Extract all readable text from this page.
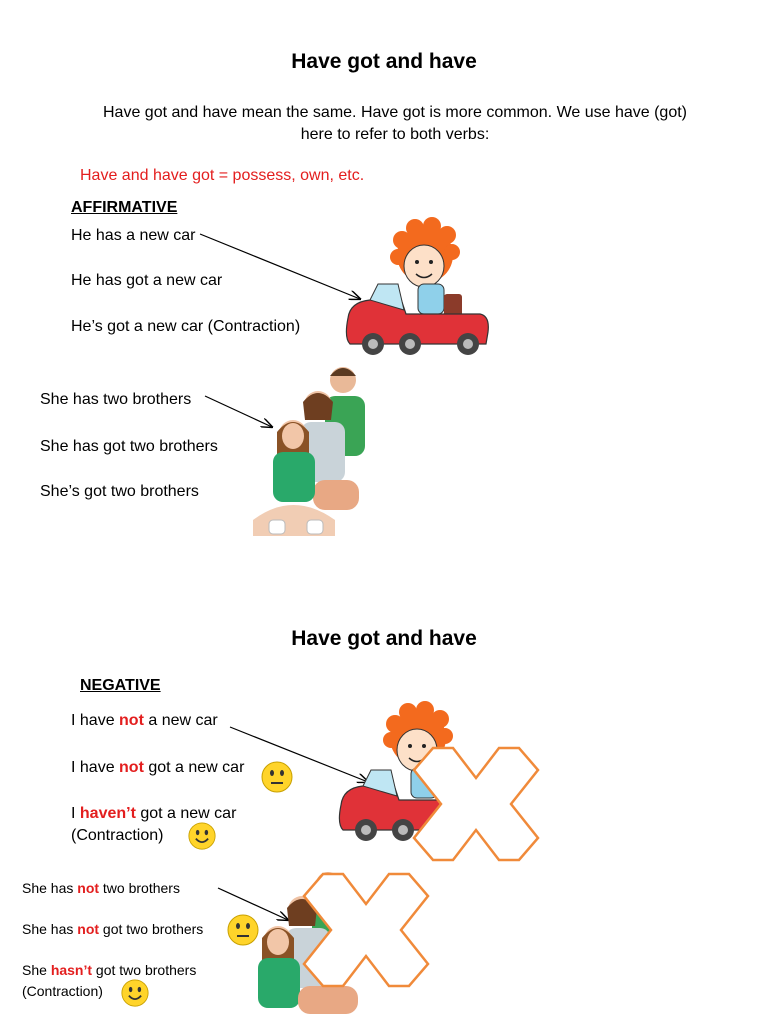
Have got and have
Have got and have mean the same. Have got is more common. We use have (got) here to refer to both verbs:
Have and have got = possess, own, etc.
AFFIRMATIVE
He has a new car
He has got a new car
He’s got a new car (Contraction)
She has two brothers
She has got two brothers
She’s got two brothers
Have got and have
NEGATIVE
I have not a new car
I have not got a new car
I haven’t got a new car
(Contraction)
She has not two brothers
She has not got two brothers
She hasn’t got two brothers
(Contraction)
